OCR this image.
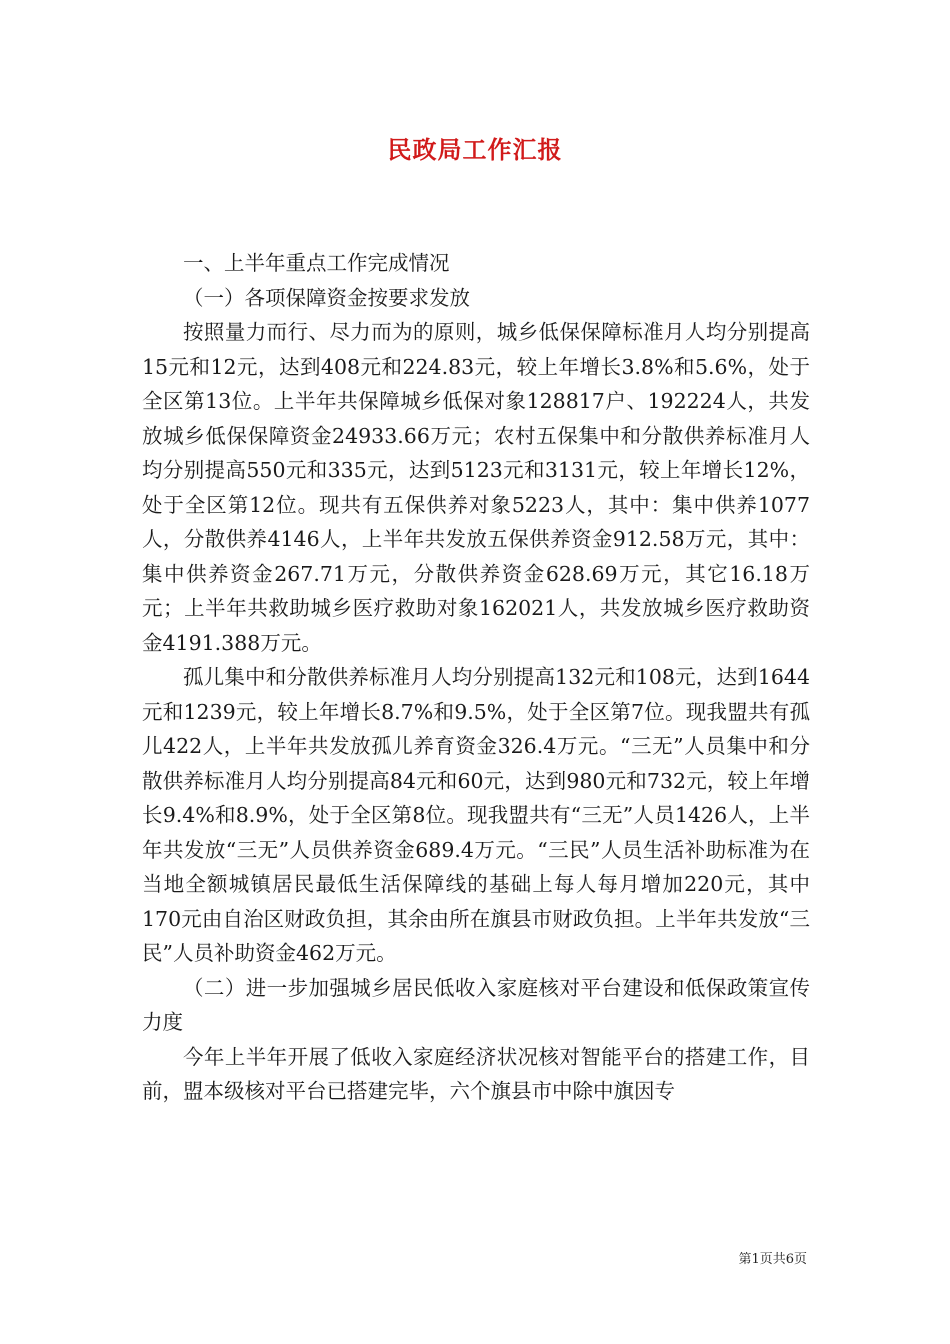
民政局工作汇报

一、上半年重点工作完成情况

（一）各项保障资金按要求发放

按照量力而行、尽力而为的原则，城乡低保保障标准月人均分别提高15元和12元，达到408元和224.83元，较上年增长3.8%和5.6%，处于全区第13位。上半年共保障城乡低保对象128817户、192224人，共发放城乡低保保障资金24933.66万元；农村五保集中和分散供养标准月人均分别提高550元和335元，达到5123元和3131元，较上年增长12%，处于全区第12位。现共有五保供养对象5223人，其中：集中供养1077人，分散供养4146人，上半年共发放五保供养资金912.58万元，其中：集中供养资金267.71万元，分散供养资金628.69万元，其它16.18万元；上半年共救助城乡医疗救助对象162021人，共发放城乡医疗救助资金4191.388万元。

孤儿集中和分散供养标准月人均分别提高132元和108元，达到1644元和1239元，较上年增长8.7%和9.5%，处于全区第7位。现我盟共有孤儿422人，上半年共发放孤儿养育资金326.4万元。“三无”人员集中和分散供养标准月人均分别提高84元和60元，达到980元和732元，较上年增长9.4%和8.9%，处于全区第8位。现我盟共有“三无”人员1426人，上半年共发放“三无”人员供养资金689.4万元。“三民”人员生活补助标准为在当地全额城镇居民最低生活保障线的基础上每人每月增加220元，其中170元由自治区财政负担，其余由所在旗县市财政负担。上半年共发放“三民”人员补助资金462万元。

（二）进一步加强城乡居民低收入家庭核对平台建设和低保政策宣传力度

今年上半年开展了低收入家庭经济状况核对智能平台的搭建工作，目前，盟本级核对平台已搭建完毕，六个旗县市中除中旗因专

第1页共6页
